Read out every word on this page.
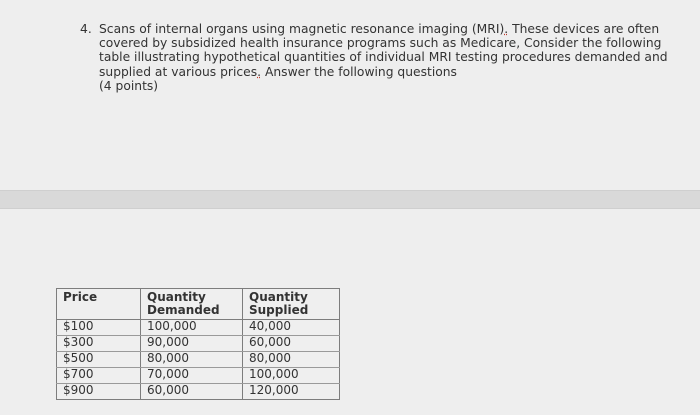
4. Scans of internal organs using magnetic resonance imaging (MRI). These devices are often

covered by subsidized health insurance programs such as Medicare, Consider the following

table illustrating hypothetical quantities of individual MRI testing procedures demanded and

supplied at various prices. Answer the following questions

(4 points)

Price	Quantity Demanded	Quantity Supplied
$100	100,000	40,000
$300	90,000	60,000
$500	80,000	80,000
$700	70,000	100,000
$900	60,000	120,000
